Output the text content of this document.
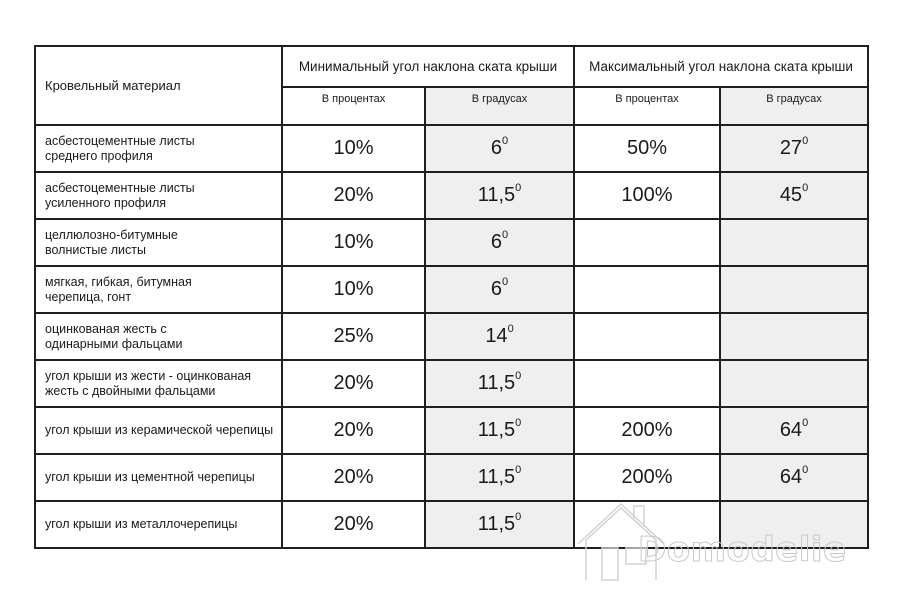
Кровельный материал	Минимальный угол наклона ската крыши		Максимальный угол наклона ската крыши	
	В процентах	В градусах	В процентах	В градусах
асбестоцементные листы
среднего профиля	10%	$6^0$	50%	$27^0$
асбестоцементные листы
усиленного профиля	20%	11,5$^0$	100%	$45^0$
целлюлозно-битумные
волнистые листы	10%	$6^0$		
мягкая, гибкая, битумная
черепица, гонт	10%	$6^0$		
оцинкованая жесть с
одинарными фальцами	25%	$14^0$		
угол крыши из жести - оцинкованая
жесть с двойными фальцами	20%	11,5$^0$		
угол крыши из керамической черепицы	20%	11,5$^0$	200%	$64^0$
угол крыши из цементной черепицы	20%	11,5$^0$	200%	$64^0$
угол крыши из металлочерепицы	20%	11,5$^0$		
Domodelie
